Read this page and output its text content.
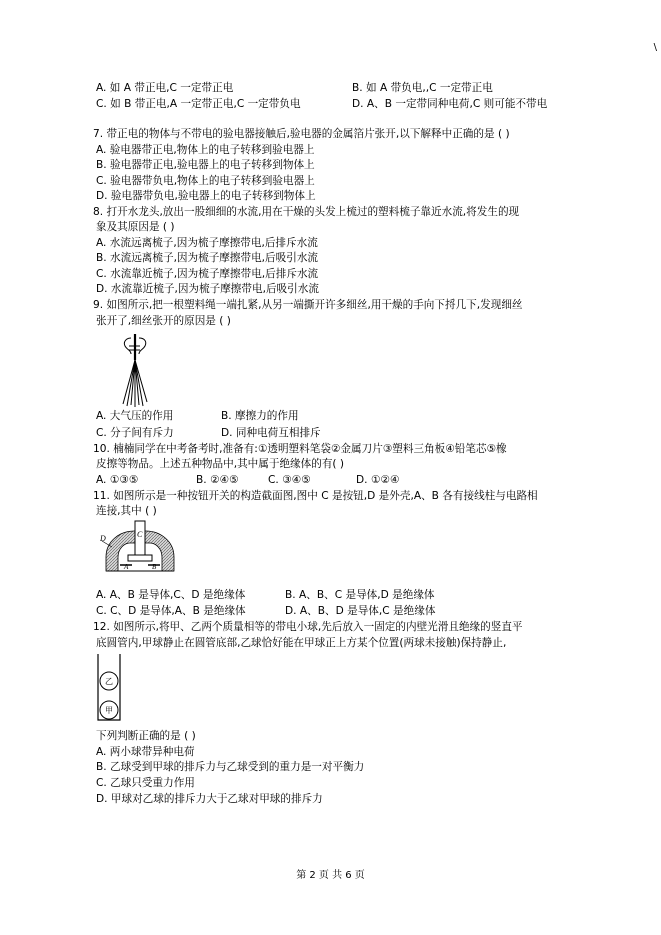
\
A. 如 A 带正电,C 一定带正电	B. 如 A 带负电,,C 一定带正电
C. 如 B 带正电,A 一定带正电,C 一定带负电	D. A、B 一定带同种电荷,C 则可能不带电
7. 带正电的物体与不带电的验电器接触后,验电器的金属箔片张开,以下解释中正确的是 ( )
A. 验电器带正电,物体上的电子转移到验电器上
B. 验电器带正电,验电器上的电子转移到物体上
C. 验电器带负电,物体上的电子转移到验电器上
D. 验电器带负电,验电器上的电子转移到物体上
8. 打开水龙头,放出一股细细的水流,用在干燥的头发上梳过的塑料梳子靠近水流,将发生的现
象及其原因是 ( )
A. 水流远离梳子,因为梳子摩擦带电,后排斥水流
B. 水流远离梳子,因为梳子摩擦带电,后吸引水流
C. 水流靠近梳子,因为梳子摩擦带电,后排斥水流
D. 水流靠近梳子,因为梳子摩擦带电,后吸引水流
9. 如图所示,把一根塑料绳一端扎紧,从另一端撕开许多细丝,用干燥的手向下捋几下,发现细丝
张开了,细丝张开的原因是 ( )
A. 大气压的作用	B. 摩擦力的作用
C. 分子间有斥力	D. 同种电荷互相排斥
10. 楠楠同学在中考备考时,准备有:①透明塑料笔袋②金属刀片③塑料三角板④铅笔芯⑤橡
皮擦等物品。上述五种物品中,其中属于绝缘体的有( )
A. ①③⑤	B. ②④⑤	C. ③④⑤	D. ①②④
11. 如图所示是一种按钮开关的构造截面图,图中 C 是按钮,D 是外壳,A、B 各有接线柱与电路相
连接,其中 ( )
D	C
A	B
A. A、B 是导体,C、D 是绝缘体	B. A、B、C 是导体,D 是绝缘体
C. C、D 是导体,A、B 是绝缘体	D. A、B、D 是导体,C 是绝缘体
12. 如图所示,将甲、乙两个质量相等的带电小球,先后放入一固定的内壁光滑且绝缘的竖直平
底圆管内,甲球静止在圆管底部,乙球恰好能在甲球正上方某个位置(两球未接触)保持静止,
乙
甲
下列判断正确的是 ( )
A. 两小球带异种电荷
B. 乙球受到甲球的排斥力与乙球受到的重力是一对平衡力
C. 乙球只受重力作用
D. 甲球对乙球的排斥力大于乙球对甲球的排斥力
第 2 页 共 6 页
